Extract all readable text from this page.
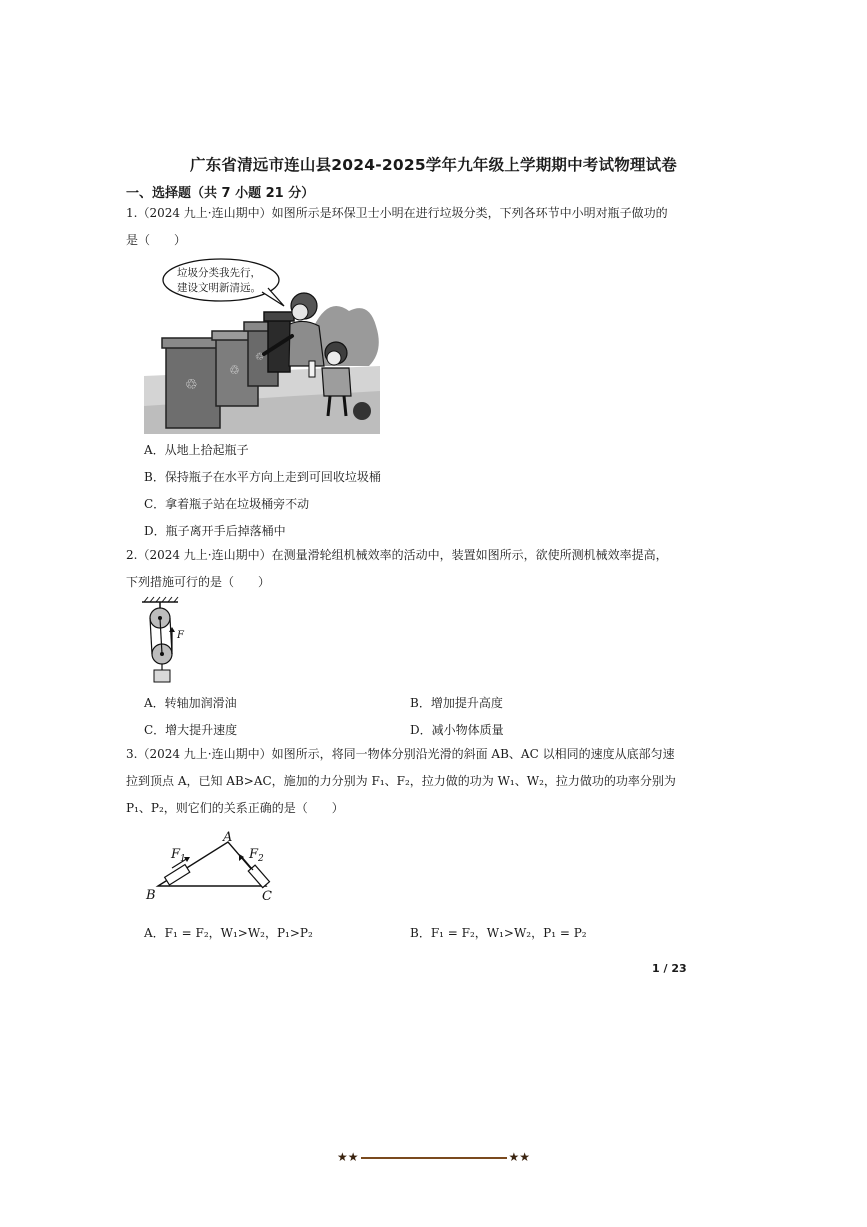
广东省清远市连山县2024-2025学年九年级上学期期中考试物理试卷
一、选择题（共 7 小题 21 分）
1.（2024 九上·连山期中）如图所示是环保卫士小明在进行垃圾分类，下列各环节中小明对瓶子做功的
是（　　）
♲
♲
♲
垃圾分类我先行，
建设文明新清远。
A．从地上拾起瓶子
B．保持瓶子在水平方向上走到可回收垃圾桶
C．拿着瓶子站在垃圾桶旁不动
D．瓶子离开手后掉落桶中
2.（2024 九上·连山期中）在测量滑轮组机械效率的活动中，装置如图所示，欲使所测机械效率提高，
下列措施可行的是（　　）
F
A．转轴加润滑油	B．增加提升高度
C．增大提升速度	D．减小物体质量
3.（2024 九上·连山期中）如图所示，将同一物体分别沿光滑的斜面 AB、AC 以相同的速度从底部匀速
拉到顶点 A，已知 AB>AC，施加的力分别为 F₁、F₂，拉力做的功为 W₁、W₂，拉力做功的功率分别为
P₁、P₂，则它们的关系正确的是（　　）
$F_1$	$F_2$
A
B	C
A．F₁ = F₂，W₁>W₂，P₁>P₂	B．F₁ = F₂，W₁>W₂，P₁ = P₂
1 / 23
★★	★★
